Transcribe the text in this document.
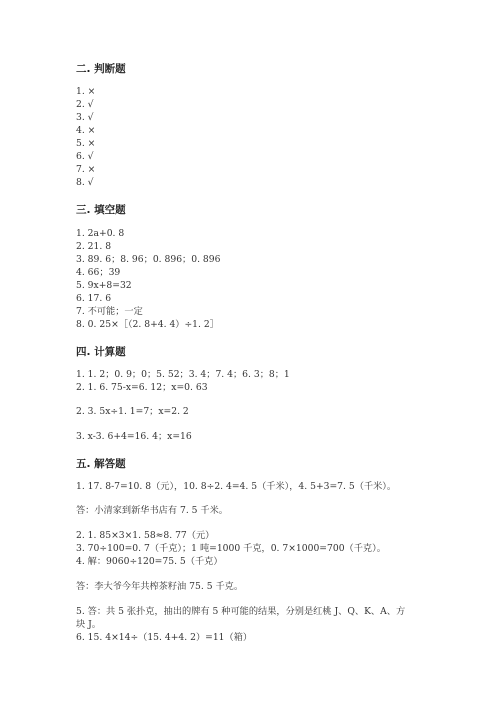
二. 判断题
1. ×
2. √
3. √
4. ×
5. ×
6. √
7. ×
8. √
三. 填空题
1. 2a+0. 8
2. 21. 8
3. 89. 6；8. 96；0. 896；0. 896
4. 66；39
5. 9x+8=32
6. 17. 6
7. 不可能；一定
8. 0. 25×［（2. 8+4. 4）÷1. 2］
四. 计算题
1. 1. 2；0. 9；0；5. 52；3. 4；7. 4；6. 3；8；1
2. 1. 6. 75-x=6. 12；x=0. 63
2. 3. 5x÷1. 1=7；x=2. 2
3. x-3. 6+4=16. 4；x=16
五. 解答题
1. 17. 8-7=10. 8（元），10. 8÷2. 4=4. 5（千米），4. 5+3=7. 5（千米）。
答：小清家到新华书店有 7. 5 千米。
2. 1. 85×3×1. 58≈8. 77（元）
3. 70÷100=0. 7（千克）；1 吨=1000 千克，0. 7×1000=700（千克）。
4. 解：9060÷120=75. 5（千克）
答：李大爷今年共榨茶籽油 75. 5 千克。
5. 答：共 5 张扑克，抽出的牌有 5 种可能的结果，分别是红桃 J、Q、K、A、方
块 J。
6. 15. 4×14÷（15. 4+4. 2）=11（箱）
